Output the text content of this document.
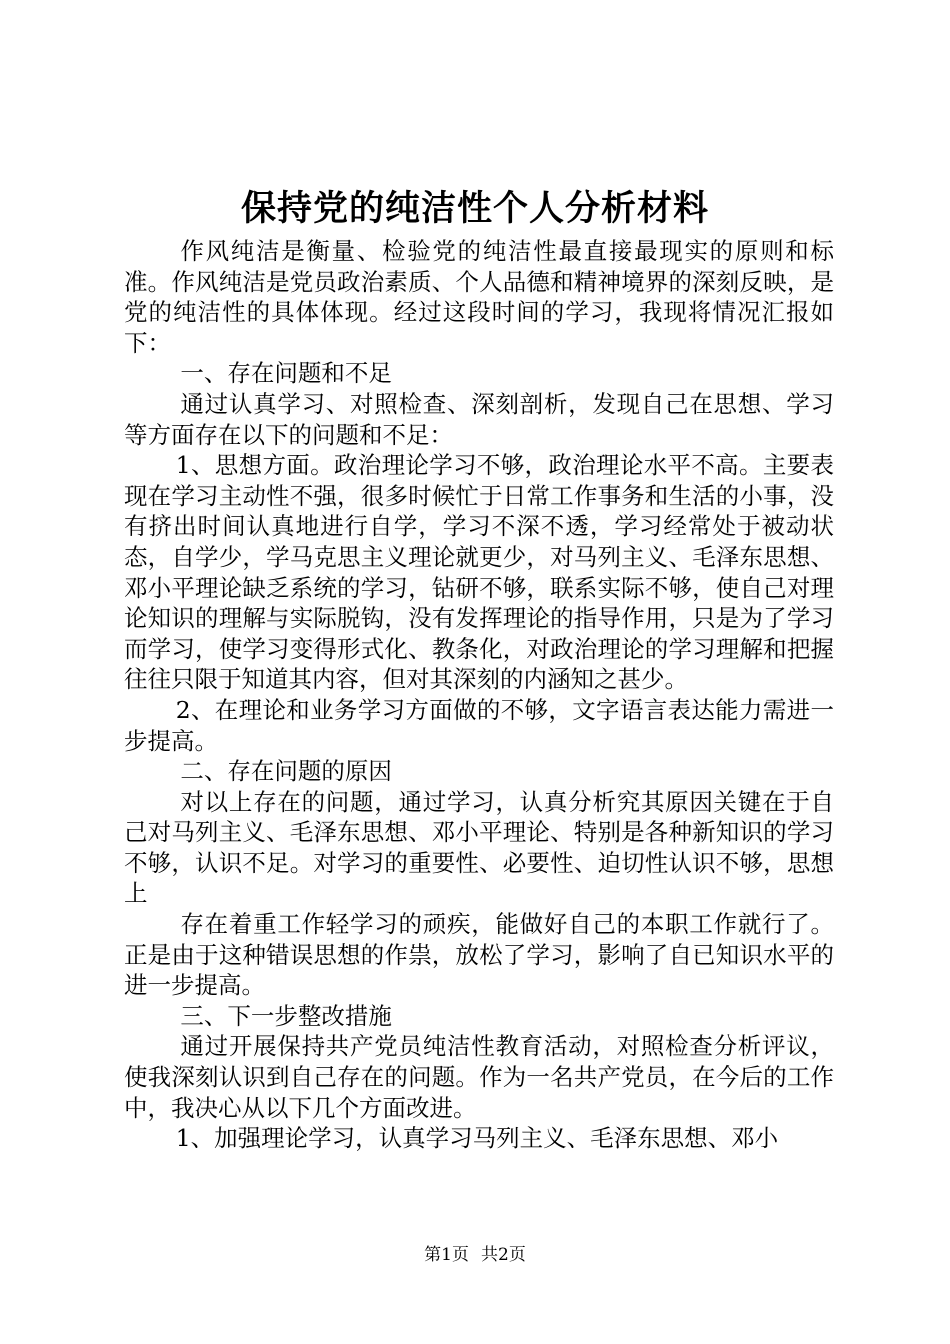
保持党的纯洁性个人分析材料

作风纯洁是衡量、检验党的纯洁性最直接最现实的原则和标准。作风纯洁是党员政治素质、个人品德和精神境界的深刻反映，是党的纯洁性的具体体现。经过这段时间的学习，我现将情况汇报如下：

一、存在问题和不足

通过认真学习、对照检查、深刻剖析，发现自己在思想、学习等方面存在以下的问题和不足：

1、思想方面。政治理论学习不够，政治理论水平不高。主要表现在学习主动性不强，很多时候忙于日常工作事务和生活的小事，没有挤出时间认真地进行自学，学习不深不透，学习经常处于被动状态，自学少，学马克思主义理论就更少，对马列主义、毛泽东思想、邓小平理论缺乏系统的学习，钻研不够，联系实际不够，使自己对理论知识的理解与实际脱钩，没有发挥理论的指导作用，只是为了学习而学习，使学习变得形式化、教条化，对政治理论的学习理解和把握往往只限于知道其内容，但对其深刻的内涵知之甚少。

2、在理论和业务学习方面做的不够，文字语言表达能力需进一步提高。

二、存在问题的原因

对以上存在的问题，通过学习，认真分析究其原因关键在于自己对马列主义、毛泽东思想、邓小平理论、特别是各种新知识的学习不够，认识不足。对学习的重要性、必要性、迫切性认识不够，思想上

存在着重工作轻学习的顽疾，能做好自己的本职工作就行了。正是由于这种错误思想的作祟，放松了学习，影响了自已知识水平的进一步提高。

三、下一步整改措施

通过开展保持共产党员纯洁性教育活动，对照检查分析评议，使我深刻认识到自己存在的问题。作为一名共产党员，在今后的工作中，我决心从以下几个方面改进。

1、加强理论学习，认真学习马列主义、毛泽东思想、邓小

第1页 共2页
